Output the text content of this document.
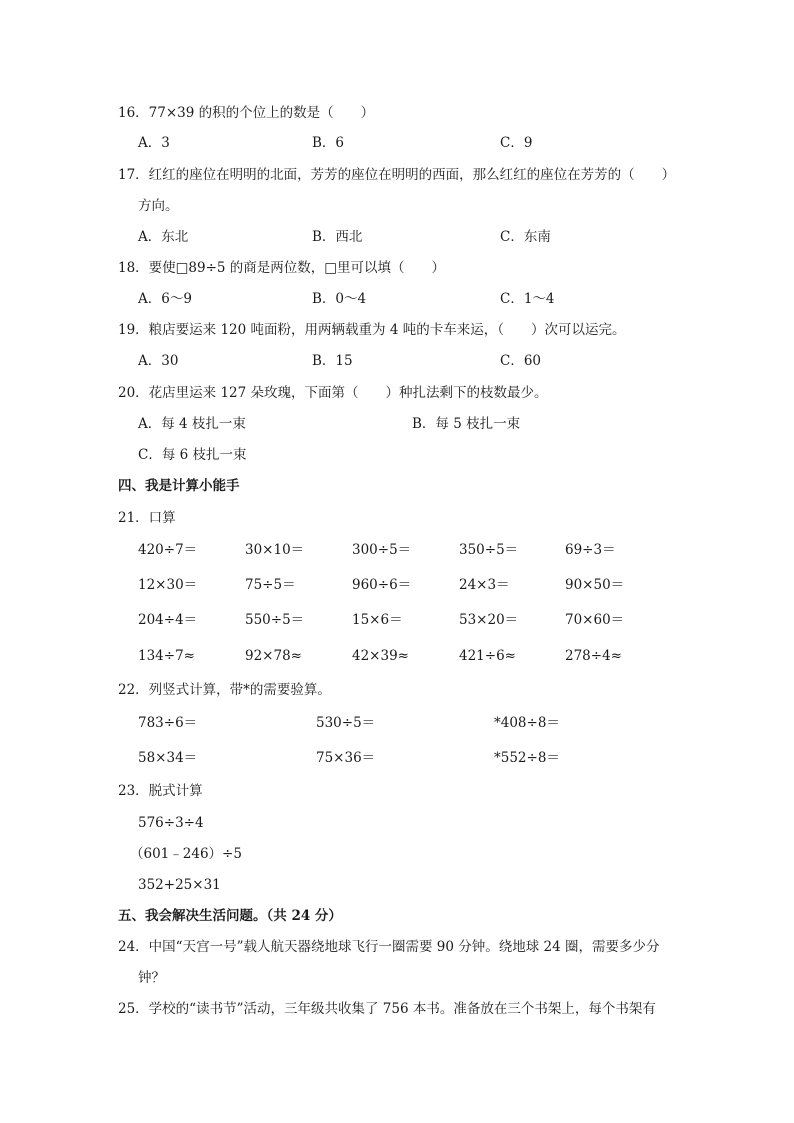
16．77×39 的积的个位上的数是（　　）
A．3	B．6	C．9
17．红红的座位在明明的北面，芳芳的座位在明明的西面，那么红红的座位在芳芳的（　　）
方向。
A．东北	B．西北	C．东南
18．要使□89÷5 的商是两位数，□里可以填（　　）
A．6～9	B．0～4	C．1～4
19．粮店要运来 120 吨面粉，用两辆载重为 4 吨的卡车来运，（　　）次可以运完。
A．30	B．15	C．60
20．花店里运来 127 朵玫瑰，下面第（　　）种扎法剩下的枝数最少。
A．每 4 枝扎一束	B．每 5 枝扎一束
C．每 6 枝扎一束
四、我是计算小能手
21．口算
420÷7＝	30×10＝	300÷5＝	350÷5＝	69÷3＝
12×30＝	75÷5＝	960÷6＝	24×3＝	90×50＝
204÷4＝	550÷5＝	15×6＝	53×20＝	70×60＝
134÷7≈	92×78≈	42×39≈	421÷6≈	278÷4≈
22．列竖式计算，带*的需要验算。
783÷6＝	530÷5＝	*408÷8＝
58×34＝	75×36＝	*552÷8＝
23．脱式计算
576÷3÷4
（601﹣246）÷5
352+25×31
五、我会解决生活问题。（共 24 分）
24．中国“天宫一号”载人航天器绕地球飞行一圈需要 90 分钟。绕地球 24 圈，需要多少分
钟？
25．学校的“读书节”活动，三年级共收集了 756 本书。准备放在三个书架上，每个书架有
